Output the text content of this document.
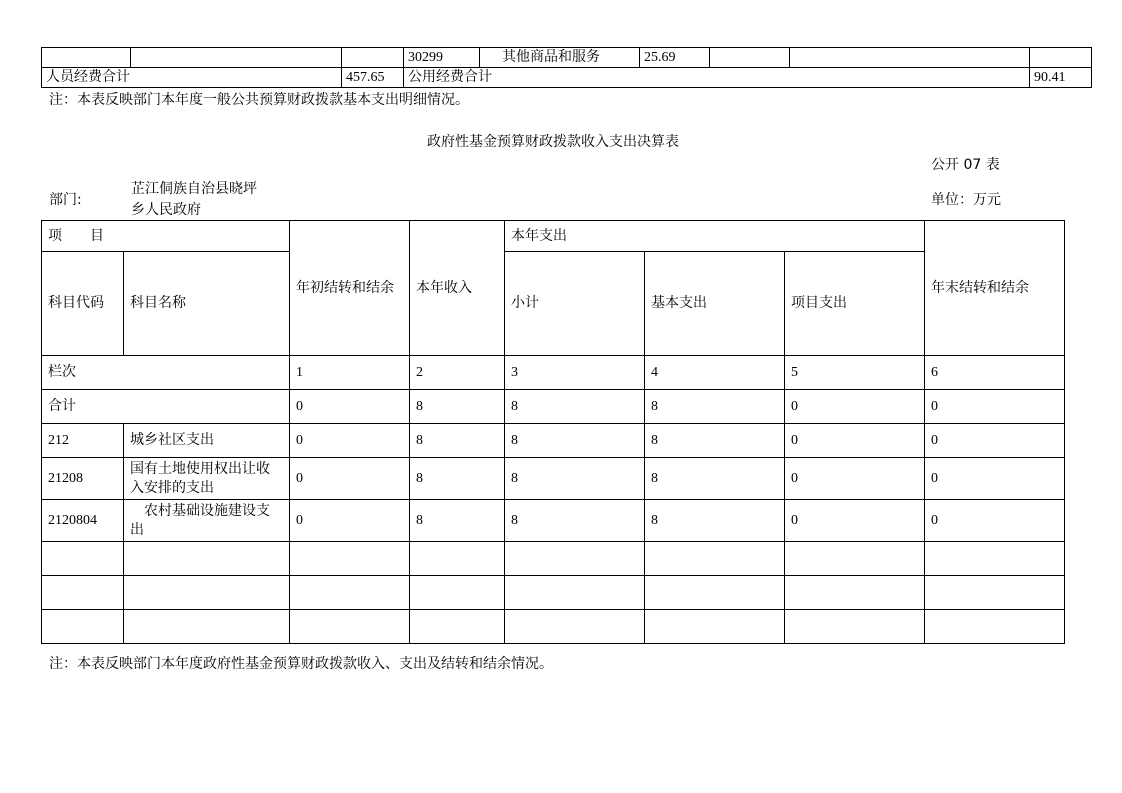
			30299	其他商品和服务	25.69			
人员经费合计		457.65	公用经费合计					90.41
注：本表反映部门本年度一般公共预算财政拨款基本支出明细情况。
政府性基金预算财政拨款收入支出决算表
公开 07 表
部门:
芷江侗族自治县晓坪
乡人民政府
单位：万元
项　　目		年初结转和结余	本年收入	本年支出			年末结转和结余
科目代码	科目名称			小计	基本支出	项目支出	
栏次		1	2	3	4	5	6
合计		0	8	8	8	0	0
212	城乡社区支出	0	8	8	8	0	0
21208	国有土地使用权出让收入安排的支出	0	8	8	8	0	0
2120804	　农村基础设施建设支出	0	8	8	8	0	0

注：本表反映部门本年度政府性基金预算财政拨款收入、支出及结转和结余情况。
